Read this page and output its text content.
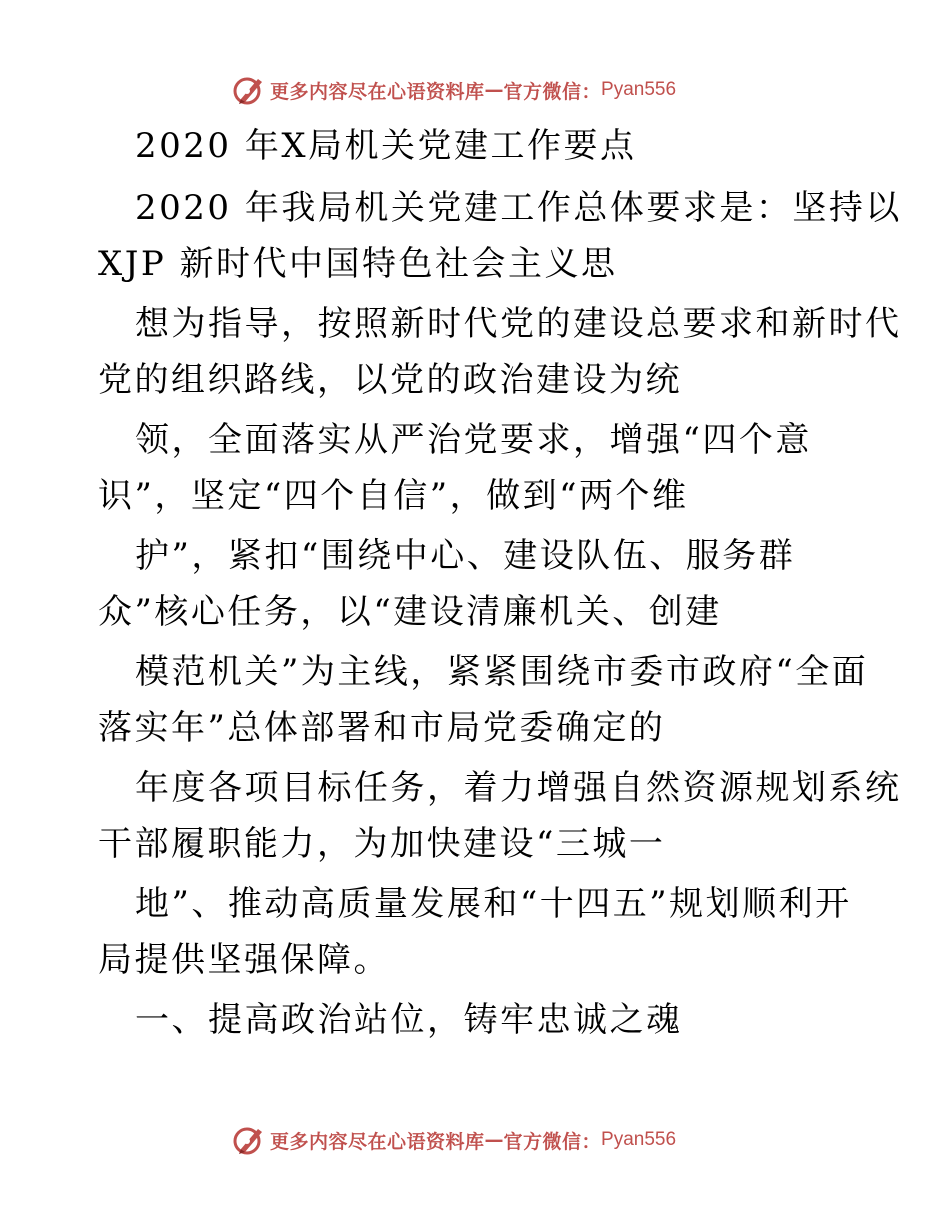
更多内容尽在心语资料库 — 官方微信： Pyan556
2020 年X局机关党建工作要点
2020 年我局机关党建工作总体要求是：坚持以
XJP 新时代中国特色社会主义思
想为指导，按照新时代党的建设总要求和新时代
党的组织路线，以党的政治建设为统
领，全面落实从严治党要求，增强“四个意
识”，坚定“四个自信”，做到“两个维
护”，紧扣“围绕中心、建设队伍、服务群
众”核心任务，以“建设清廉机关、创建
模范机关”为主线，紧紧围绕市委市政府“全面
落实年”总体部署和市局党委确定的
年度各项目标任务，着力增强自然资源规划系统
干部履职能力，为加快建设“三城一
地”、推动高质量发展和“十四五”规划顺利开
局提供坚强保障。
一、提高政治站位，铸牢忠诚之魂
更多内容尽在心语资料库 — 官方微信： Pyan556
